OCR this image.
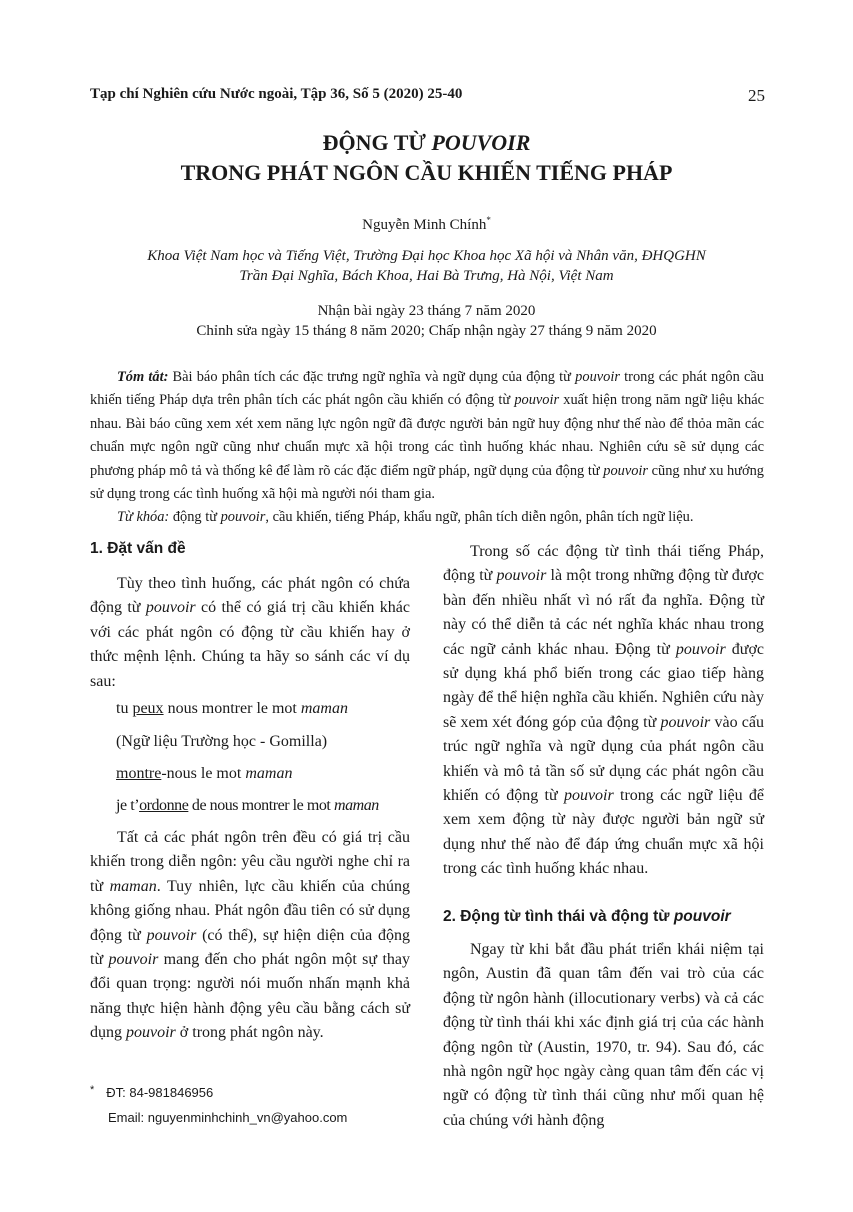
Tạp chí Nghiên cứu Nước ngoài, Tập 36, Số 5 (2020) 25-40	25
ĐỘNG TỪ POUVOIR
TRONG PHÁT NGÔN CẦU KHIẾN TIẾNG PHÁP
Nguyễn Minh Chính*
Khoa Việt Nam học và Tiếng Việt, Trường Đại học Khoa học Xã hội và Nhân văn, ĐHQGHN
Trần Đại Nghĩa, Bách Khoa, Hai Bà Trưng, Hà Nội, Việt Nam
Nhận bài ngày 23 tháng 7 năm 2020
Chỉnh sửa ngày 15 tháng 8 năm 2020; Chấp nhận ngày 27 tháng 9 năm 2020
Tóm tắt: Bài báo phân tích các đặc trưng ngữ nghĩa và ngữ dụng của động từ pouvoir trong các phát ngôn cầu khiến tiếng Pháp dựa trên phân tích các phát ngôn cầu khiến có động từ pouvoir xuất hiện trong năm ngữ liệu khác nhau. Bài báo cũng xem xét xem năng lực ngôn ngữ đã được người bản ngữ huy động như thế nào để thỏa mãn các chuẩn mực ngôn ngữ cũng như chuẩn mực xã hội trong các tình huống khác nhau. Nghiên cứu sẽ sử dụng các phương pháp mô tả và thống kê để làm rõ các đặc điểm ngữ pháp, ngữ dụng của động từ pouvoir cũng như xu hướng sử dụng trong các tình huống xã hội mà người nói tham gia.
Từ khóa: động từ pouvoir, cầu khiến, tiếng Pháp, khẩu ngữ, phân tích diễn ngôn, phân tích ngữ liệu.
1. Đặt vấn đề

Tùy theo tình huống, các phát ngôn có chứa động từ pouvoir có thể có giá trị cầu khiến khác với các phát ngôn có động từ cầu khiến hay ở thức mệnh lệnh. Chúng ta hãy so sánh các ví dụ sau:

tu peux nous montrer le mot maman
(Ngữ liệu Trường học - Gomilla)
montre-nous le mot maman
je t’ordonne de nous montrer le mot maman

Tất cả các phát ngôn trên đều có giá trị cầu khiến trong diễn ngôn: yêu cầu người nghe chỉ ra từ maman. Tuy nhiên, lực cầu khiến của chúng không giống nhau. Phát ngôn đầu tiên có sử dụng động từ pouvoir (có thể), sự hiện diện của động từ pouvoir mang đến cho phát ngôn một sự thay đổi quan trọng: người nói muốn nhấn mạnh khả năng thực hiện hành động yêu cầu bằng cách sử dụng pouvoir ở trong phát ngôn này.

* ĐT: 84-981846956
Email: nguyenminhchinh_vn@yahoo.com

Trong số các động từ tình thái tiếng Pháp, động từ pouvoir là một trong những động từ được bàn đến nhiều nhất vì nó rất đa nghĩa. Động từ này có thể diễn tả các nét nghĩa khác nhau trong các ngữ cảnh khác nhau. Động từ pouvoir được sử dụng khá phổ biến trong các giao tiếp hàng ngày để thể hiện nghĩa cầu khiến. Nghiên cứu này sẽ xem xét đóng góp của động từ pouvoir vào cấu trúc ngữ nghĩa và ngữ dụng của phát ngôn cầu khiến và mô tả tần số sử dụng các phát ngôn cầu khiến có động từ pouvoir trong các ngữ liệu để xem xem động từ này được người bản ngữ sử dụng như thế nào để đáp ứng chuẩn mực xã hội trong các tình huống khác nhau.

2. Động từ tình thái và động từ pouvoir

Ngay từ khi bắt đầu phát triển khái niệm tại ngôn, Austin đã quan tâm đến vai trò của các động từ ngôn hành (illocutionary verbs) và cả các động từ tình thái khi xác định giá trị của các hành động ngôn từ (Austin, 1970, tr. 94). Sau đó, các nhà ngôn ngữ học ngày càng quan tâm đến các vị ngữ có động từ tình thái cũng như mối quan hệ của chúng với hành động
